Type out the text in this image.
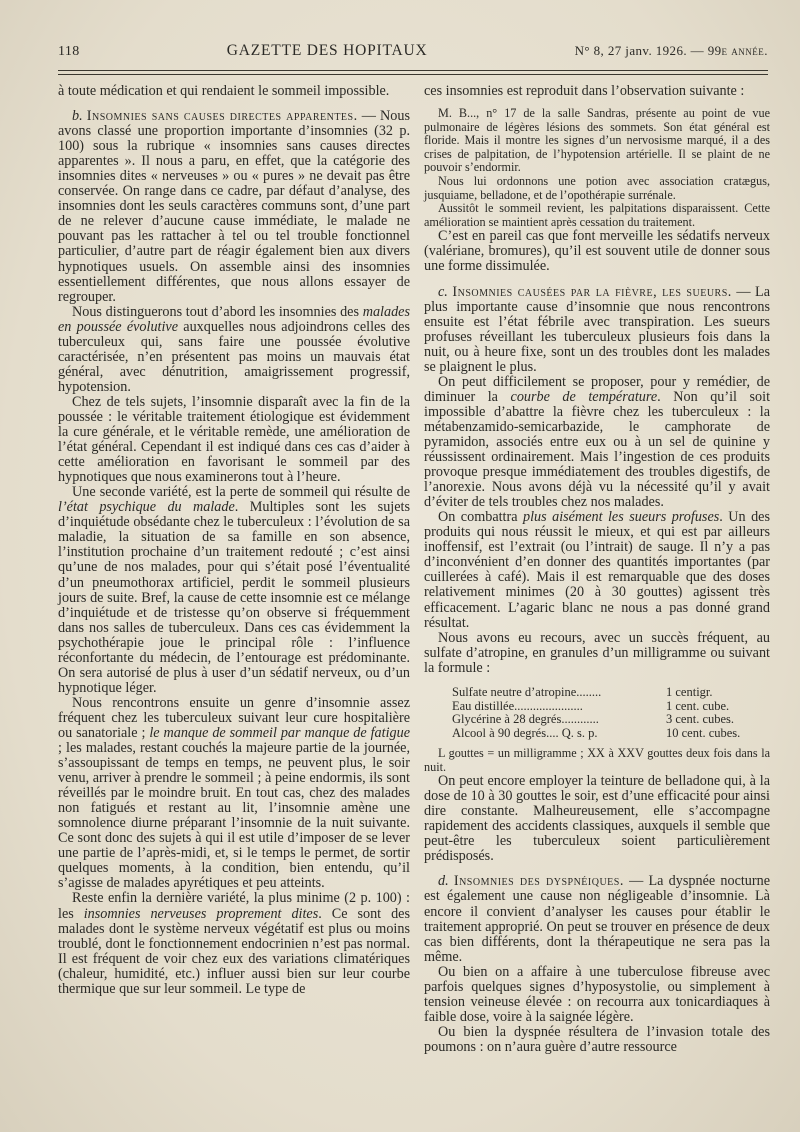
118	GAZETTE DES HOPITAUX	N° 8, 27 janv. 1926. — 99e année.

à toute médication et qui rendaient le sommeil impossible.

b. Insomnies sans causes directes apparentes. — Nous avons classé une proportion importante d’insomnies (32 p. 100) sous la rubrique « insomnies sans causes directes apparentes ». Il nous a paru, en effet, que la catégorie des insomnies dites « nerveuses » ou « pures » ne devait pas être conservée. On range dans ce cadre, par défaut d’analyse, des insomnies dont les seuls caractères communs sont, d’une part de ne relever d’aucune cause immédiate, le malade ne pouvant pas les rattacher à tel ou tel trouble fonctionnel particulier, d’autre part de réagir également bien aux divers hypnotiques usuels. On assemble ainsi des insomnies essentiellement différentes, que nous allons essayer de regrouper.

Nous distinguerons tout d’abord les insomnies des malades en poussée évolutive auxquelles nous adjoindrons celles des tuberculeux qui, sans faire une poussée évolutive caractérisée, n’en présentent pas moins un mauvais état général, avec dénutrition, amaigrissement progressif, hypotension.

Chez de tels sujets, l’insomnie disparaît avec la fin de la poussée : le véritable traitement étiologique est évidemment la cure générale, et le véritable remède, une amélioration de l’état général. Cependant il est indiqué dans ces cas d’aider à cette amélioration en favorisant le sommeil par des hypnotiques que nous examinerons tout à l’heure.

Une seconde variété, est la perte de sommeil qui résulte de l’état psychique du malade. Multiples sont les sujets d’inquiétude obsédante chez le tuberculeux : l’évolution de sa maladie, la situation de sa famille en son absence, l’institution prochaine d’un traitement redouté ; c’est ainsi qu’une de nos malades, pour qui s’était posé l’éventualité d’un pneumothorax artificiel, perdit le sommeil plusieurs jours de suite. Bref, la cause de cette insomnie est ce mélange d’inquiétude et de tristesse qu’on observe si fréquemment dans nos salles de tuberculeux. Dans ces cas évidemment la psychothérapie joue le principal rôle : l’influence réconfortante du médecin, de l’entourage est prédominante. On sera autorisé de plus à user d’un sédatif nerveux, ou d’un hypnotique léger.

Nous rencontrons ensuite un genre d’insomnie assez fréquent chez les tuberculeux suivant leur cure hospitalière ou sanatoriale ; le manque de sommeil par manque de fatigue ; les malades, restant couchés la majeure partie de la journée, s’assoupissant de temps en temps, ne peuvent plus, le soir venu, arriver à prendre le sommeil ; à peine endormis, ils sont réveillés par le moindre bruit. En tout cas, chez des malades non fatigués et restant au lit, l’insomnie amène une somnolence diurne préparant l’insomnie de la nuit suivante. Ce sont donc des sujets à qui il est utile d’imposer de se lever une partie de l’après-midi, et, si le temps le permet, de sortir quelques moments, à la condition, bien entendu, qu’il s’agisse de malades apyrétiques et peu atteints.

Reste enfin la dernière variété, la plus minime (2 p. 100) : les insomnies nerveuses proprement dites. Ce sont des malades dont le système nerveux végétatif est plus ou moins troublé, dont le fonctionnement endocrinien n’est pas normal. Il est fréquent de voir chez eux des variations climatériques (chaleur, humidité, etc.) influer aussi bien sur leur courbe thermique que sur leur sommeil. Le type de

ces insomnies est reproduit dans l’observation suivante :

M. B..., n° 17 de la salle Sandras, présente au point de vue pulmonaire de légères lésions des sommets. Son état général est floride. Mais il montre les signes d’un nervosisme marqué, il a des crises de palpitation, de l’hypotension artérielle. Il se plaint de ne pouvoir s’endormir.

Nous lui ordonnons une potion avec association cratægus, jusquiame, belladone, et de l’opothérapie surrénale.

Aussitôt le sommeil revient, les palpitations disparaissent. Cette amélioration se maintient après cessation du traitement.

C’est en pareil cas que font merveille les sédatifs nerveux (valériane, bromures), qu’il est souvent utile de donner sous une forme dissimulée.

c. Insomnies causées par la fièvre, les sueurs. — La plus importante cause d’insomnie que nous rencontrons ensuite est l’état fébrile avec transpiration. Les sueurs profuses réveillant les tuberculeux plusieurs fois dans la nuit, ou à heure fixe, sont un des troubles dont les malades se plaignent le plus.

On peut difficilement se proposer, pour y remédier, de diminuer la courbe de température. Non qu’il soit impossible d’abattre la fièvre chez les tuberculeux : la métabenzamido-semicarbazide, le camphorate de pyramidon, associés entre eux ou à un sel de quinine y réussissent ordinairement. Mais l’ingestion de ces produits provoque presque immédiatement des troubles digestifs, de l’anorexie. Nous avons déjà vu la nécessité qu’il y avait d’éviter de tels troubles chez nos malades.

On combattra plus aisément les sueurs profuses. Un des produits qui nous réussit le mieux, et qui est par ailleurs inoffensif, est l’extrait (ou l’intrait) de sauge. Il n’y a pas d’inconvénient d’en donner des quantités importantes (par cuillerées à café). Mais il est remarquable que des doses relativement minimes (20 à 30 gouttes) agissent très efficacement. L’agaric blanc ne nous a pas donné grand résultat.

Nous avons eu recours, avec un succès fréquent, au sulfate d’atropine, en granules d’un milligramme ou suivant la formule :

Sulfate neutre d’atropine........	1 centigr.
Eau distillée......................	1 cent. cube.
Glycérine à 28 degrés............	3 cent. cubes.
Alcool à 90 degrés.... Q. s. p.	10 cent. cubes.

L gouttes = un milligramme ; XX à XXV gouttes deux fois dans la nuit.

On peut encore employer la teinture de belladone qui, à la dose de 10 à 30 gouttes le soir, est d’une efficacité pour ainsi dire constante. Malheureusement, elle s’accompagne rapidement des accidents classiques, auxquels il semble que peut-être les tuberculeux soient particulièrement prédisposés.

d. Insomnies des dyspnéiques. — La dyspnée nocturne est également une cause non négligeable d’insomnie. Là encore il convient d’analyser les causes pour établir le traitement approprié. On peut se trouver en présence de deux cas bien différents, dont la thérapeutique ne sera pas la même.

Ou bien on a affaire à une tuberculose fibreuse avec parfois quelques signes d’hyposystolie, ou simplement à tension veineuse élevée : on recourra aux tonicardiaques à faible dose, voire à la saignée légère.

Ou bien la dyspnée résultera de l’invasion totale des poumons : on n’aura guère d’autre ressource
